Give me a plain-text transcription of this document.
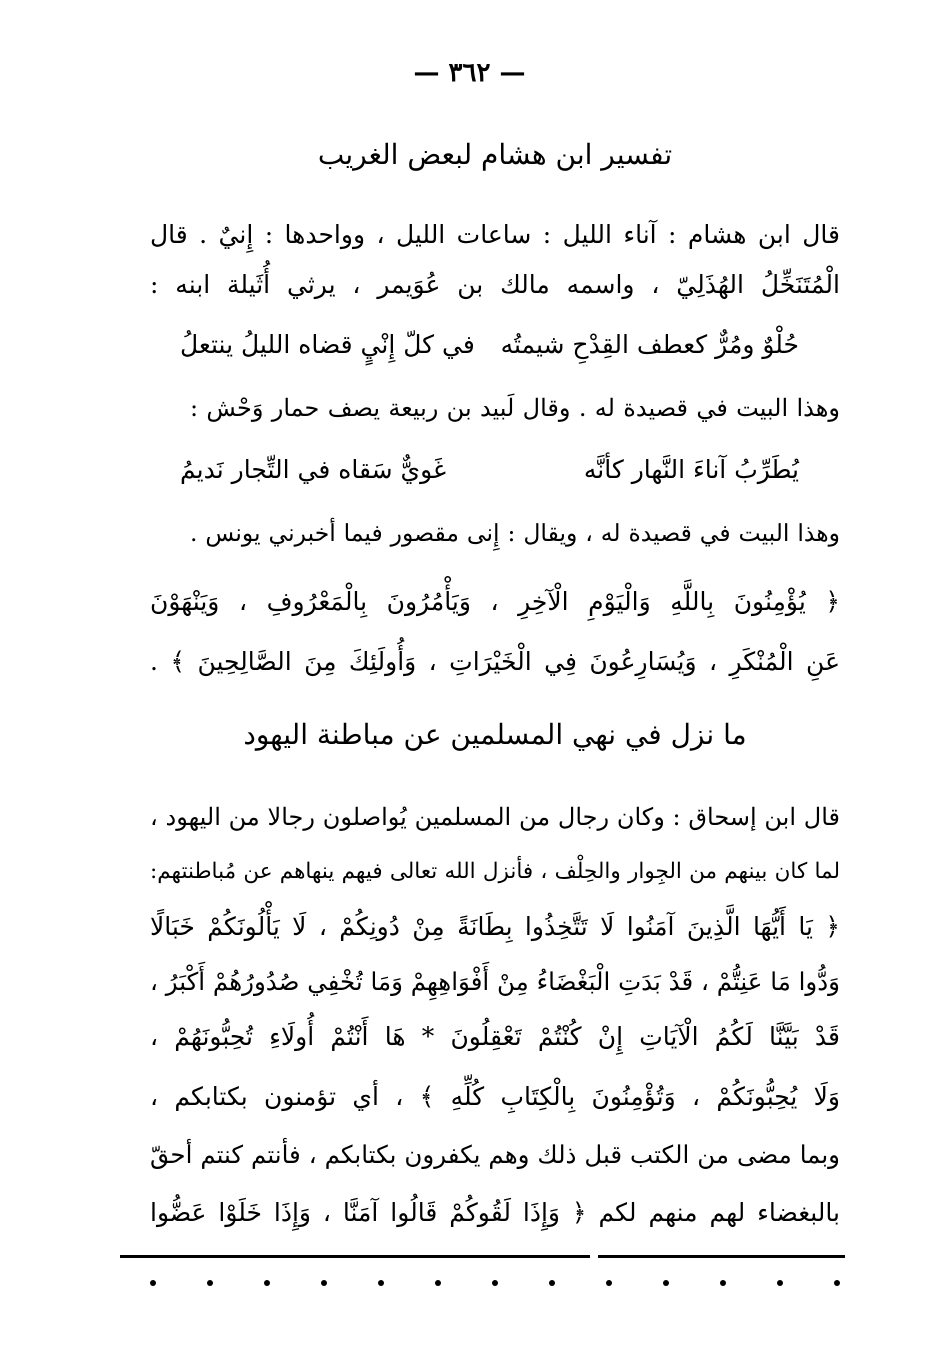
— ٣٦٢ —
تفسير ابن هشام لبعض الغريب
قال ابن هشام : آناء الليل : ساعات الليل ، وواحدها : إِنيٌ . قال
الْمُتَنَخِّلُ الهُذَلِيّ ، واسمه مالك بن عُوَيمر ، يرثي أُثَيلة ابنه :
حُلْوٌ ومُرٌّ كعطف القِدْحِ شيمتُه
في كلّ إِنْيٍ قضاه الليلُ ينتعلُ
وهذا البيت في قصيدة له . وقال لَبيد بن ربيعة يصف حمار وَحْش :
يُطَرِّبُ آناءَ النَّهار كأنَّه
غَويٌّ سَقاه في التِّجار نَديمُ
وهذا البيت في قصيدة له ، ويقال : إِنى مقصور فيما أخبرني يونس .
﴿ يُؤْمِنُونَ بِاللَّهِ وَالْيَوْمِ الْآخِرِ ، وَيَأْمُرُونَ بِالْمَعْرُوفِ ، وَيَنْهَوْنَ
عَنِ الْمُنْكَرِ ، وَيُسَارِعُونَ فِي الْخَيْرَاتِ ، وَأُولَئِكَ مِنَ الصَّالِحِينَ ﴾ .
ما نزل في نهي المسلمين عن مباطنة اليهود
قال ابن إسحاق : وكان رجال من المسلمين يُواصلون رجالا من اليهود ،
لما كان بينهم من الجِوار والحِلْف ، فأنزل الله تعالى فيهم ينهاهم عن مُباطنتهم:
﴿ يَا أَيُّهَا الَّذِينَ آمَنُوا لَا تَتَّخِذُوا بِطَانَةً مِنْ دُونِكُمْ ، لَا يَأْلُونَكُمْ خَبَالًا
وَدُّوا مَا عَنِتُّمْ ، قَدْ بَدَتِ الْبَغْضَاءُ مِنْ أَفْوَاهِهِمْ وَمَا تُخْفِي صُدُورُهُمْ أَكْبَرُ ،
قَدْ بَيَّنَّا لَكُمُ الْآيَاتِ إِنْ كُنْتُمْ تَعْقِلُونَ * هَا أَنْتُمْ أُولَاءِ تُحِبُّونَهُمْ ،
وَلَا يُحِبُّونَكُمْ ، وَتُؤْمِنُونَ بِالْكِتَابِ كُلِّهِ ﴾ ، أي تؤمنون بكتابكم ،
وبما مضى من الكتب قبل ذلك وهم يكفرون بكتابكم ، فأنتم كنتم أحقّ
بالبغضاء لهم منهم لكم ﴿ وَإِذَا لَقُوكُمْ قَالُوا آمَنَّا ، وَإِذَا خَلَوْا عَضُّوا
